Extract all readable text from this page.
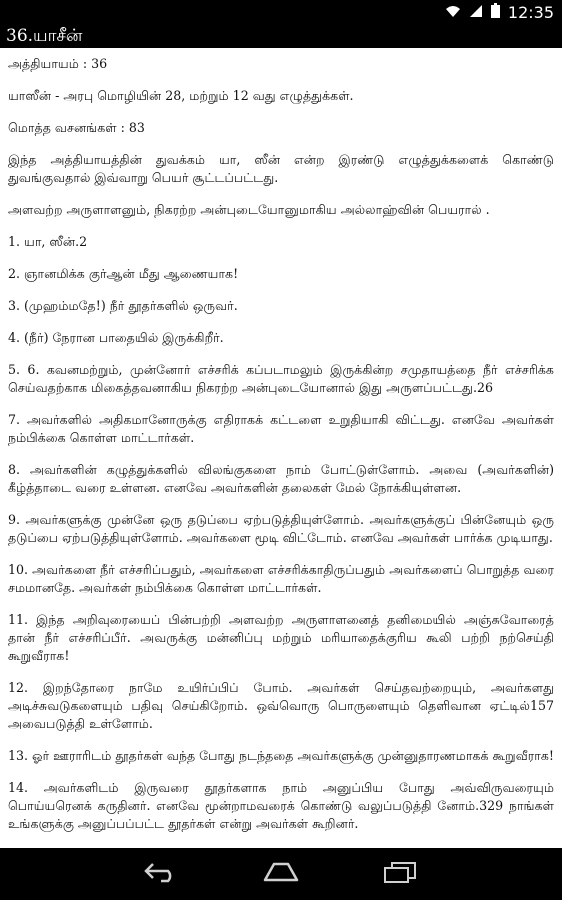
12:35
36.யாசீன்

அத்தியாயம் : 36

யாஸீன் - அரபு மொழியின் 28, மற்றும் 12 வது எழுத்துக்கள்.

மொத்த வசனங்கள் : 83

இந்த அத்தியாயத்தின் துவக்கம் யா, ஸீன் என்ற இரண்டு எழுத்துக்களைக் கொண்டு துவங்குவதால் இவ்வாறு பெயர் சூட்டப்பட்டது.

அளவற்ற அருளாளனும், நிகரற்ற அன்புடையோனுமாகிய அல்லாஹ்வின் பெயரால் .

1. யா, ஸீன்.2

2. ஞானமிக்க குர்ஆன் மீது ஆணையாக!

3. (முஹம்மதே!) நீர் தூதர்களில் ஒருவர்.

4. (நீர்) நேரான பாதையில் இருக்கிறீர்.

5. 6. கவனமற்றும், முன்னோர் எச்சரிக் கப்படாமலும் இருக்கின்ற சமுதாயத்தை நீர் எச்சரிக்க செய்வதற்காக மிகைத்தவனாகிய நிகரற்ற அன்புடையோனால் இது அருளப்பட்டது.26

7. அவர்களில் அதிகமானோருக்கு எதிராகக் கட்டளை உறுதியாகி விட்டது. எனவே அவர்கள் நம்பிக்கை கொள்ள மாட்டார்கள்.

8. அவர்களின் கழுத்துக்களில் விலங்குகளை நாம் போட்டுள்ளோம். அவை (அவர்களின்) கீழ்த்தாடை வரை உள்ளன. எனவே அவர்களின் தலைகள் மேல் நோக்கியுள்ளன.

9. அவர்களுக்கு முன்னே ஒரு தடுப்பை ஏற்படுத்தியுள்ளோம். அவர்களுக்குப் பின்னேயும் ஒரு தடுப்பை ஏற்படுத்தியுள்ளோம். அவர்களை மூடி விட்டோம். எனவே அவர்கள் பார்க்க முடியாது.

10. அவர்களை நீர் எச்சரிப்பதும், அவர்களை எச்சரிக்காதிருப்பதும் அவர்களைப் பொறுத்த வரை சமமானதே. அவர்கள் நம்பிக்கை கொள்ள மாட்டார்கள்.

11. இந்த அறிவுரையைப் பின்பற்றி அளவற்ற அருளாளனைத் தனிமையில் அஞ்சுவோரைத் தான் நீர் எச்சரிப்பீர். அவருக்கு மன்னிப்பு மற்றும் மரியாதைக்குரிய கூலி பற்றி நற்செய்தி கூறுவீராக!

12. இறந்தோரை நாமே உயிர்ப்பிப் போம். அவர்கள் செய்தவற்றையும், அவர்களது அடிச்சுவடுகளையும் பதிவு செய்கிறோம். ஒவ்வொரு பொருளையும் தெளிவான ஏட்டில்157 அவைபடுத்தி உள்ளோம்.

13. ஓர் ஊராரிடம் தூதர்கள் வந்த போது நடந்ததை அவர்களுக்கு முன்னுதாரணமாகக் கூறுவீராக!

14. அவர்களிடம் இருவரை தூதர்களாக நாம் அனுப்பிய போது அவ்விருவரையும் பொய்யரெனக் கருதினர். எனவே மூன்றாமவரைக் கொண்டு வலுப்படுத்தி னோம்.329 நாங்கள் உங்களுக்கு அனுப்பப்பட்ட தூதர்கள் என்று அவர்கள் கூறினர்.
